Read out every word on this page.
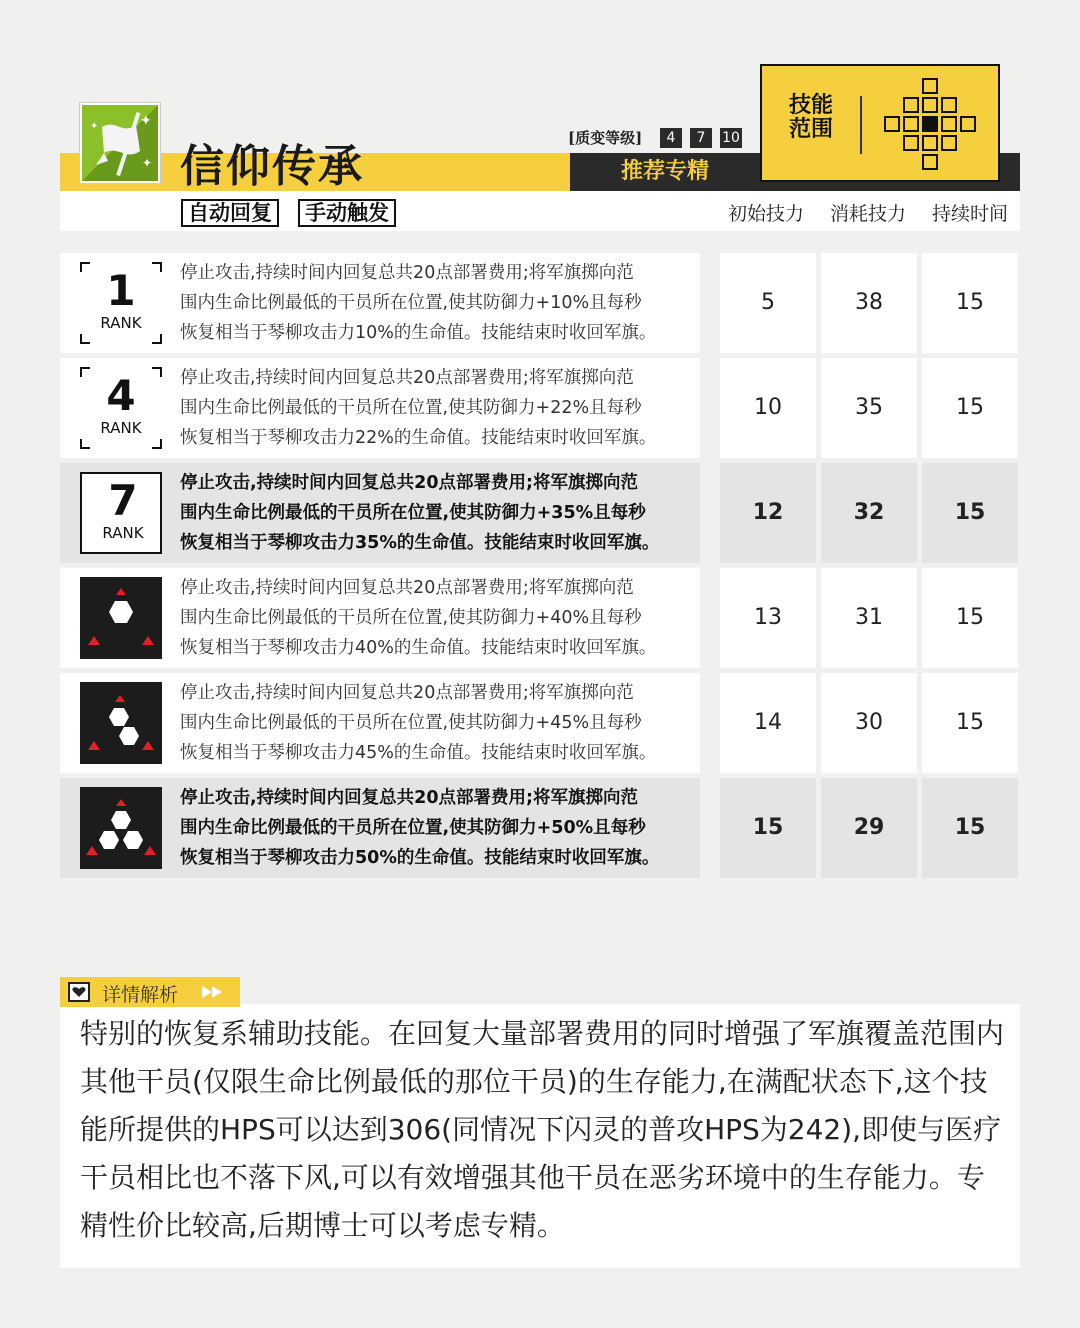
✦
✦
✦
信仰传承
自动回复	手动触发
[质变等级]	4	7	10
推荐专精
技能
范围
初始技力 消耗技力 持续时间
1
RANK
停止攻击,持续时间内回复总共20点部署费用;将军旗掷向范
围内生命比例最低的干员所在位置,使其防御力+10%且每秒
恢复相当于琴柳攻击力10%的生命值。技能结束时收回军旗。
5	38	15
4
RANK
停止攻击,持续时间内回复总共20点部署费用;将军旗掷向范
围内生命比例最低的干员所在位置,使其防御力+22%且每秒
恢复相当于琴柳攻击力22%的生命值。技能结束时收回军旗。
10	35	15
7
RANK
停止攻击,持续时间内回复总共20点部署费用;将军旗掷向范
围内生命比例最低的干员所在位置,使其防御力+35%且每秒
恢复相当于琴柳攻击力35%的生命值。技能结束时收回军旗。
12	32	15
停止攻击,持续时间内回复总共20点部署费用;将军旗掷向范
围内生命比例最低的干员所在位置,使其防御力+40%且每秒
恢复相当于琴柳攻击力40%的生命值。技能结束时收回军旗。
13	31	15
停止攻击,持续时间内回复总共20点部署费用;将军旗掷向范
围内生命比例最低的干员所在位置,使其防御力+45%且每秒
恢复相当于琴柳攻击力45%的生命值。技能结束时收回军旗。
14	30	15
停止攻击,持续时间内回复总共20点部署费用;将军旗掷向范
围内生命比例最低的干员所在位置,使其防御力+50%且每秒
恢复相当于琴柳攻击力50%的生命值。技能结束时收回军旗。
15	29	15
详情解析
特别的恢复系辅助技能。在回复大量部署费用的同时增强了军旗覆盖范围内其他干员(仅限生命比例最低的那位干员)的生存能力,在满配状态下,这个技能所提供的HPS可以达到306(同情况下闪灵的普攻HPS为242),即使与医疗干员相比也不落下风,可以有效增强其他干员在恶劣环境中的生存能力。专精性价比较高,后期博士可以考虑专精。
